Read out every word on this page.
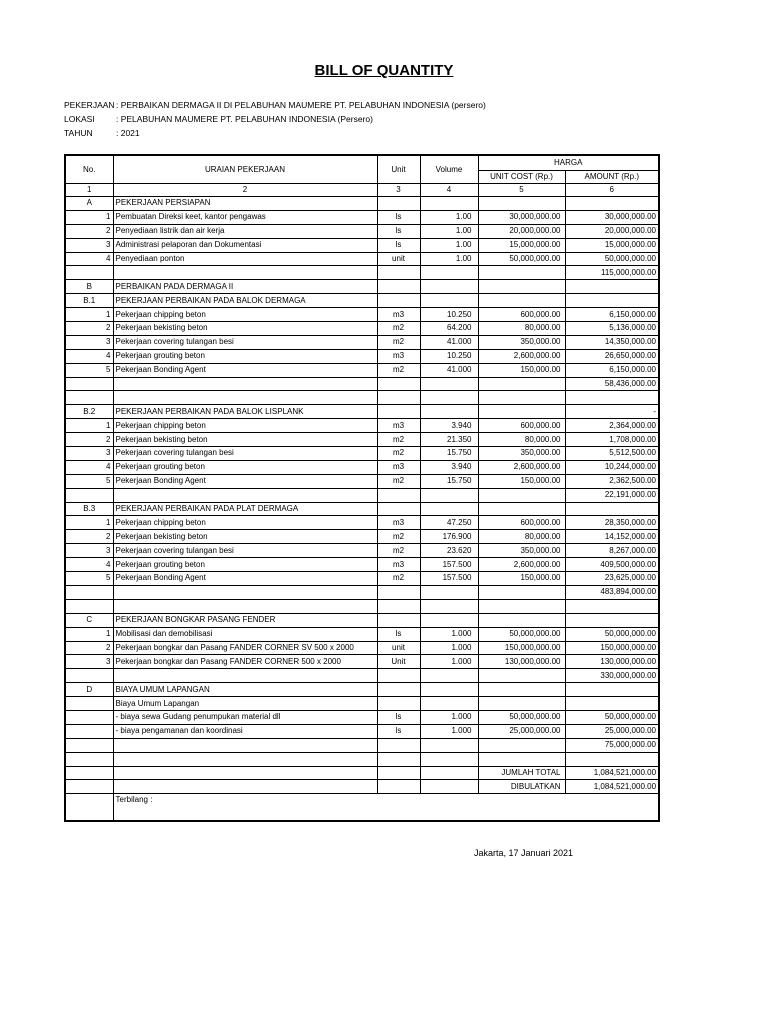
BILL OF QUANTITY
PEKERJAAN: PERBAIKAN DERMAGA II DI PELABUHAN MAUMERE PT. PELABUHAN INDONESIA (persero)
LOKASI	: PELABUHAN MAUMERE PT. PELABUHAN INDONESIA (Persero)
TAHUN	: 2021
No.	URAIAN PEKERJAAN	Unit	Volume	HARGA	
				UNIT COST (Rp.)	AMOUNT (Rp.)
1	2	3	4	5	6
A	PEKERJAAN PERSIAPAN				
1	Pembuatan Direksi keet, kantor pengawas	ls	1.00	30,000,000.00	30,000,000.00
2	Penyediaan listrik dan air kerja	ls	1.00	20,000,000.00	20,000,000.00
3	Administrasi pelaporan dan Dokumentasi	ls	1.00	15,000,000.00	15,000,000.00
4	Penyediaan ponton	unit	1.00	50,000,000.00	50,000,000.00
					115,000,000.00
B	PERBAIKAN PADA DERMAGA II				
B.1	PEKERJAAN PERBAIKAN PADA BALOK DERMAGA				
1	Pekerjaan chipping beton	m3	10.250	600,000.00	6,150,000.00
2	Pekerjaan bekisting beton	m2	64.200	80,000.00	5,136,000.00
3	Pekerjaan covering tulangan besi	m2	41.000	350,000.00	14,350,000.00
4	Pekerjaan grouting beton	m3	10.250	2,600,000.00	26,650,000.00
5	Pekerjaan Bonding Agent	m2	41.000	150,000.00	6,150,000.00
					58,436,000.00

B.2	PEKERJAAN PERBAIKAN PADA BALOK LISPLANK				-
1	Pekerjaan chipping beton	m3	3.940	600,000.00	2,364,000.00
2	Pekerjaan bekisting beton	m2	21.350	80,000.00	1,708,000.00
3	Pekerjaan covering tulangan besi	m2	15.750	350,000.00	5,512,500.00
4	Pekerjaan grouting beton	m3	3.940	2,600,000.00	10,244,000.00
5	Pekerjaan Bonding Agent	m2	15.750	150,000.00	2,362,500.00
					22,191,000.00
B.3	PEKERJAAN PERBAIKAN PADA PLAT DERMAGA				
1	Pekerjaan chipping beton	m3	47.250	600,000.00	28,350,000.00
2	Pekerjaan bekisting beton	m2	176.900	80,000.00	14,152,000.00
3	Pekerjaan covering tulangan besi	m2	23.620	350,000.00	8,267,000.00
4	Pekerjaan grouting beton	m3	157.500	2,600,000.00	409,500,000.00
5	Pekerjaan Bonding Agent	m2	157.500	150,000.00	23,625,000.00
					483,894,000.00

C	PEKERJAAN BONGKAR PASANG FENDER				
1	Mobilisasi dan demobilisasi	ls	1.000	50,000,000.00	50,000,000.00
2	Pekerjaan bongkar dan Pasang FANDER CORNER SV 500 x 2000	unit	1.000	150,000,000.00	150,000,000.00
3	Pekerjaan bongkar dan Pasang FANDER CORNER 500 x 2000	Unit	1.000	130,000,000.00	130,000,000.00
					330,000,000.00
D	BIAYA UMUM LAPANGAN				
	Biaya Umum Lapangan				
	- biaya sewa Gudang penumpukan material dll	ls	1.000	50,000,000.00	50,000,000.00
	- biaya pengamanan dan koordinasi	ls	1.000	25,000,000.00	25,000,000.00
					75,000,000.00

				JUMLAH TOTAL	1,084,521,000.00
				DIBULATKAN	1,084,521,000.00
	Terbilang :				
Jakarta, 17 Januari 2021
